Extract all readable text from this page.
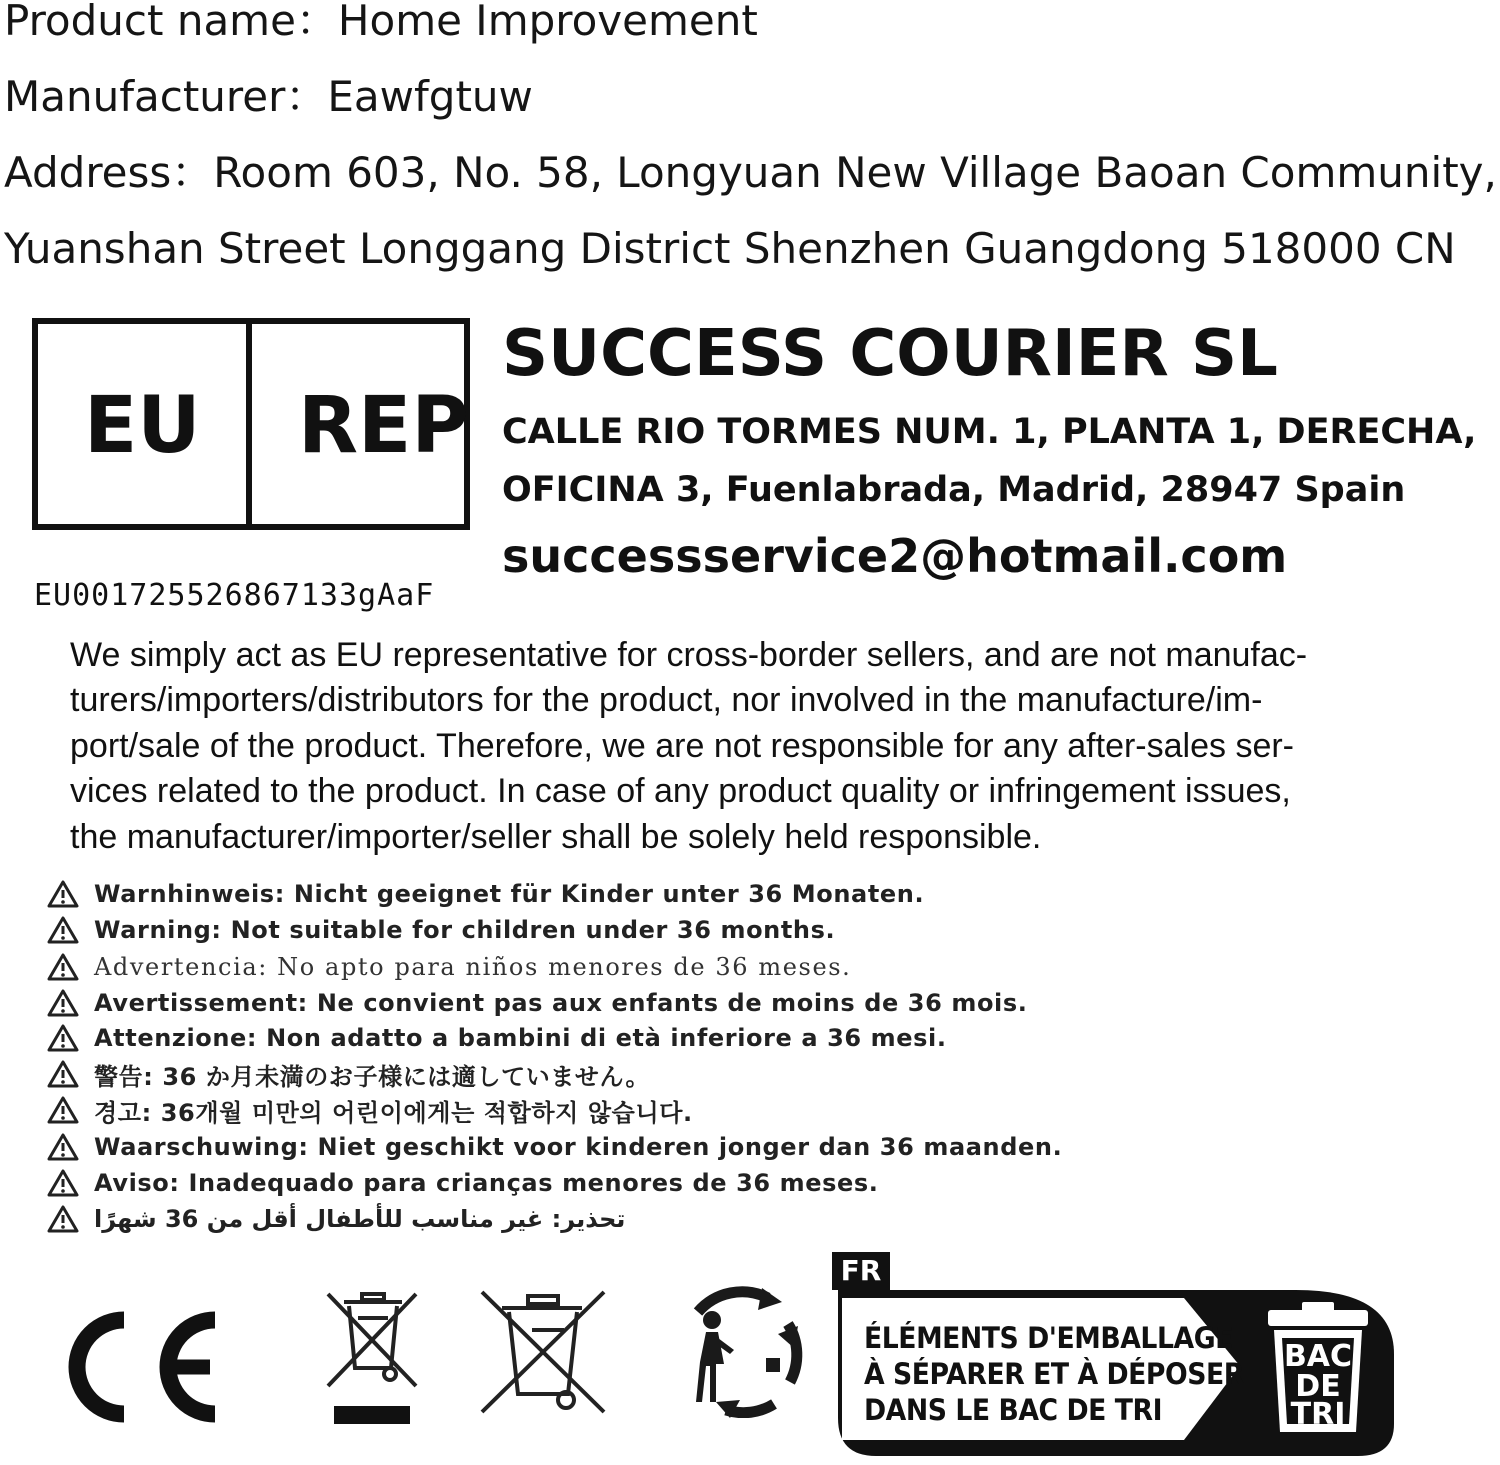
Product name：Home Improvement
Manufacturer：Eawfgtuw
Address：Room 603, No. 58, Longyuan New Village Baoan Community,
Yuanshan Street Longgang District Shenzhen Guangdong 518000 CN
EU REP
EU001725526867133gAaF
SUCCESS COURIER SL
CALLE RIO TORMES NUM. 1, PLANTA 1, DERECHA,
OFICINA 3, Fuenlabrada, Madrid, 28947 Spain
successservice2@hotmail.com
We simply act as EU representative for cross-border sellers, and are not manufac-
turers/importers/distributors for the product, nor involved in the manufacture/im-
port/sale of the product. Therefore, we are not responsible for any after-sales ser-
vices related to the product. In case of any product quality or infringement issues,
the manufacturer/importer/seller shall be solely held responsible.
Warnhinweis: Nicht geeignet für Kinder unter 36 Monaten.
Warning: Not suitable for children under 36 months.
Advertencia: No apto para niños menores de 36 meses.
Avertissement: Ne convient pas aux enfants de moins de 36 mois.
Attenzione: Non adatto a bambini di età inferiore a 36 mesi.
警告: 36 か月未満のお子様には適していません。
경고: 36개월 미만의 어린이에게는 적합하지 않습니다.
Waarschuwing: Niet geschikt voor kinderen jonger dan 36 maanden.
Aviso: Inadequado para crianças menores de 36 meses.
تحذير: غير مناسب للأطفال أقل من 36 شهرًا
FR
ÉLÉMENTS D'EMBALLAGE
À SÉPARER ET À DÉPOSER
DANS LE BAC DE TRI
BAC
DE
TRI
